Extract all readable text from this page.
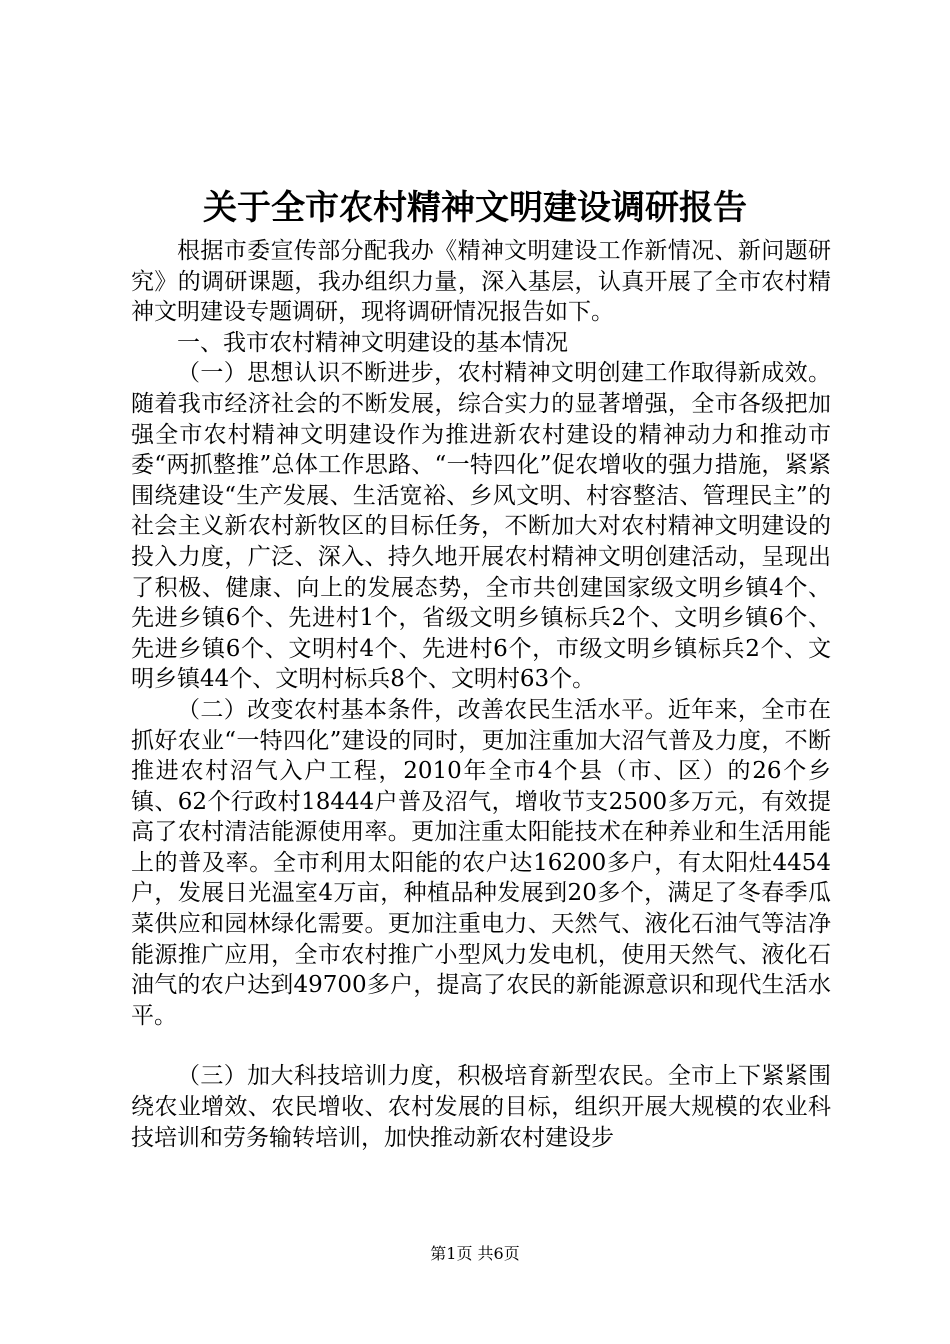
关于全市农村精神文明建设调研报告

根据市委宣传部分配我办《精神文明建设工作新情况、新问题研究》的调研课题，我办组织力量，深入基层，认真开展了全市农村精神文明建设专题调研，现将调研情况报告如下。

一、我市农村精神文明建设的基本情况

（一）思想认识不断进步，农村精神文明创建工作取得新成效。随着我市经济社会的不断发展，综合实力的显著增强，全市各级把加强全市农村精神文明建设作为推进新农村建设的精神动力和推动市委“两抓整推”总体工作思路、“一特四化”促农增收的强力措施，紧紧围绕建设“生产发展、生活宽裕、乡风文明、村容整洁、管理民主”的社会主义新农村新牧区的目标任务，不断加大对农村精神文明建设的投入力度，广泛、深入、持久地开展农村精神文明创建活动，呈现出了积极、健康、向上的发展态势，全市共创建国家级文明乡镇4个、先进乡镇6个、先进村1个，省级文明乡镇标兵2个、文明乡镇6个、先进乡镇6个、文明村4个、先进村6个，市级文明乡镇标兵2个、文明乡镇44个、文明村标兵8个、文明村63个。

（二）改变农村基本条件，改善农民生活水平。近年来，全市在抓好农业“一特四化”建设的同时，更加注重加大沼气普及力度，不断推进农村沼气入户工程，2010年全市4个县（市、区）的26个乡镇、62个行政村18444户普及沼气，增收节支2500多万元，有效提高了农村清洁能源使用率。更加注重太阳能技术在种养业和生活用能上的普及率。全市利用太阳能的农户达16200多户，有太阳灶4454户，发展日光温室4万亩，种植品种发展到20多个，满足了冬春季瓜菜供应和园林绿化需要。更加注重电力、天然气、液化石油气等洁净能源推广应用，全市农村推广小型风力发电机，使用天然气、液化石油气的农户达到49700多户，提高了农民的新能源意识和现代生活水平。

（三）加大科技培训力度，积极培育新型农民。全市上下紧紧围绕农业增效、农民增收、农村发展的目标，组织开展大规模的农业科技培训和劳务输转培训，加快推动新农村建设步

第1页 共6页
